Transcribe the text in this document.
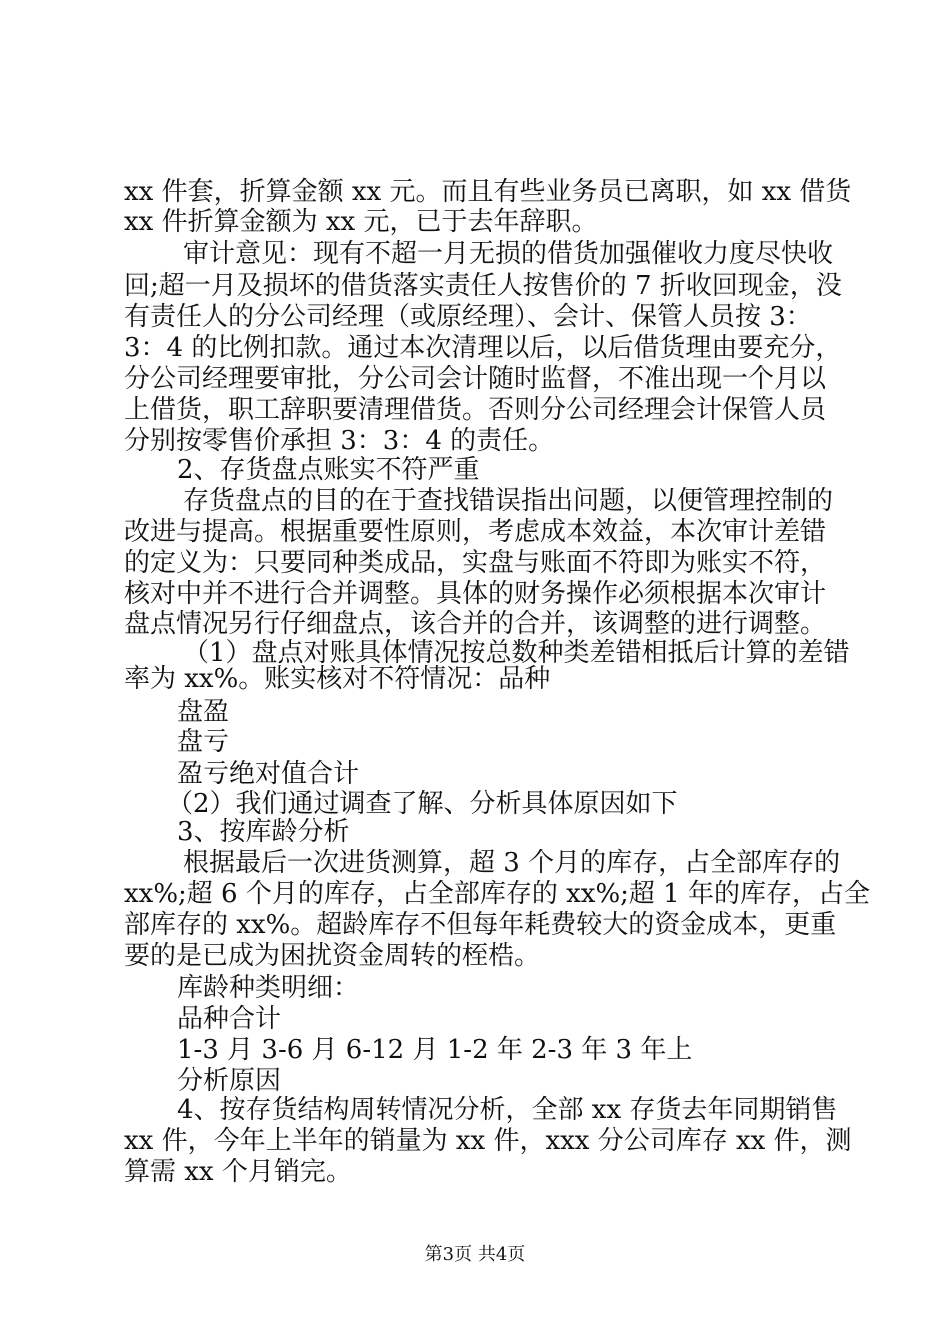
xx 件套，折算金额 xx 元。而且有些业务员已离职，如 xx 借货
xx 件折算金额为 xx 元，已于去年辞职。
审计意见：现有不超一月无损的借货加强催收力度尽快收
回;超一月及损坏的借货落实责任人按售价的 7 折收回现金，没
有责任人的分公司经理（或原经理）、会计、保管人员按 3：
3：4 的比例扣款。通过本次清理以后，以后借货理由要充分，
分公司经理要审批，分公司会计随时监督，不准出现一个月以
上借货，职工辞职要清理借货。否则分公司经理会计保管人员
分别按零售价承担 3：3：4 的责任。
2、存货盘点账实不符严重
存货盘点的目的在于查找错误指出问题，以便管理控制的
改进与提高。根据重要性原则，考虑成本效益，本次审计差错
的定义为：只要同种类成品，实盘与账面不符即为账实不符，
核对中并不进行合并调整。具体的财务操作必须根据本次审计
盘点情况另行仔细盘点，该合并的合并，该调整的进行调整。
（1）盘点对账具体情况按总数种类差错相抵后计算的差错
率为 xx%。账实核对不符情况：品种
盘盈
盘亏
盈亏绝对值合计
（2）我们通过调查了解、分析具体原因如下
3、按库龄分析
根据最后一次进货测算，超 3 个月的库存，占全部库存的
xx%;超 6 个月的库存，占全部库存的 xx%;超 1 年的库存，占全
部库存的 xx%。超龄库存不但每年耗费较大的资金成本，更重
要的是已成为困扰资金周转的桎梏。
库龄种类明细：
品种合计
1-3 月 3-6 月 6-12 月 1-2 年 2-3 年 3 年上
分析原因
4、按存货结构周转情况分析，全部 xx 存货去年同期销售
xx 件，今年上半年的销量为 xx 件，xxx 分公司库存 xx 件，测
算需 xx 个月销完。
第3页 共4页
